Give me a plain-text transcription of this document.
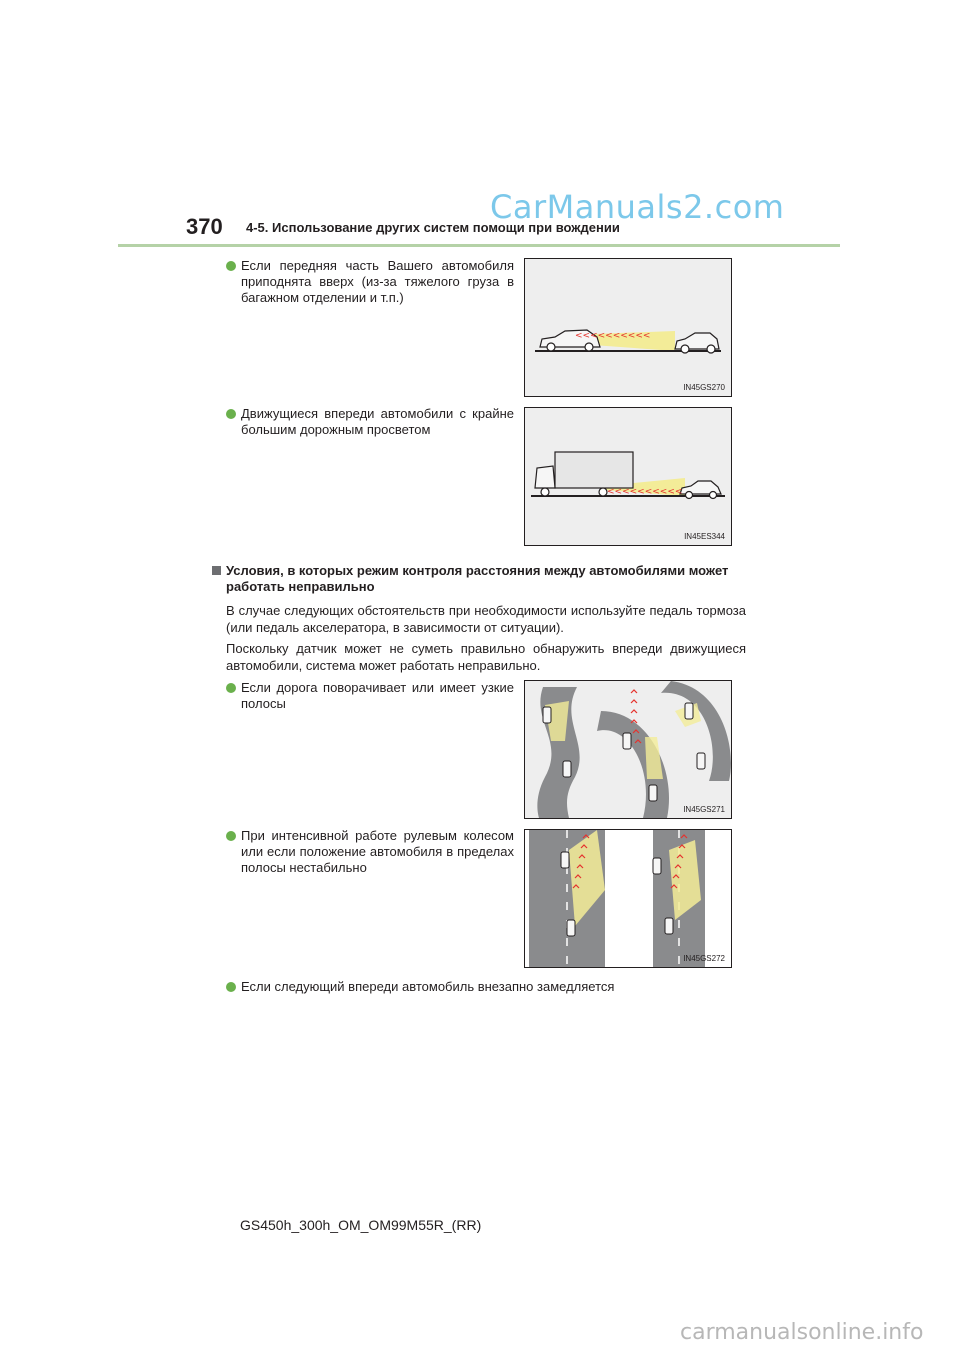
370 4-5. Использование других систем помощи при вождении
CarManuals2.com
Если передняя часть Вашего автомобиля приподнята вверх (из-за тяжелого груза в багажном отделении и т.п.)
<<<<<<<<<<
IN45GS270
Движущиеся впереди автомобили с крайне большим дорожным просветом
<<<<<<<<<<
IN45ES344
Условия, в которых режим контроля расстояния между автомобилями может работать неправильно
В случае следующих обстоятельств при необходимости используйте педаль тормоза (или педаль акселератора, в зависимости от ситуации).
Поскольку датчик может не суметь правильно обнаружить впереди движущиеся автомобили, система может работать неправильно.
Если дорога поворачивает или имеет узкие полосы
IN45GS271
При интенсивной работе рулевым колесом или если положение автомобиля в пределах полосы нестабильно
IN45GS272
Если следующий впереди автомобиль внезапно замедляется
GS450h_300h_OM_OM99M55R_(RR)
carmanualsonline.info
